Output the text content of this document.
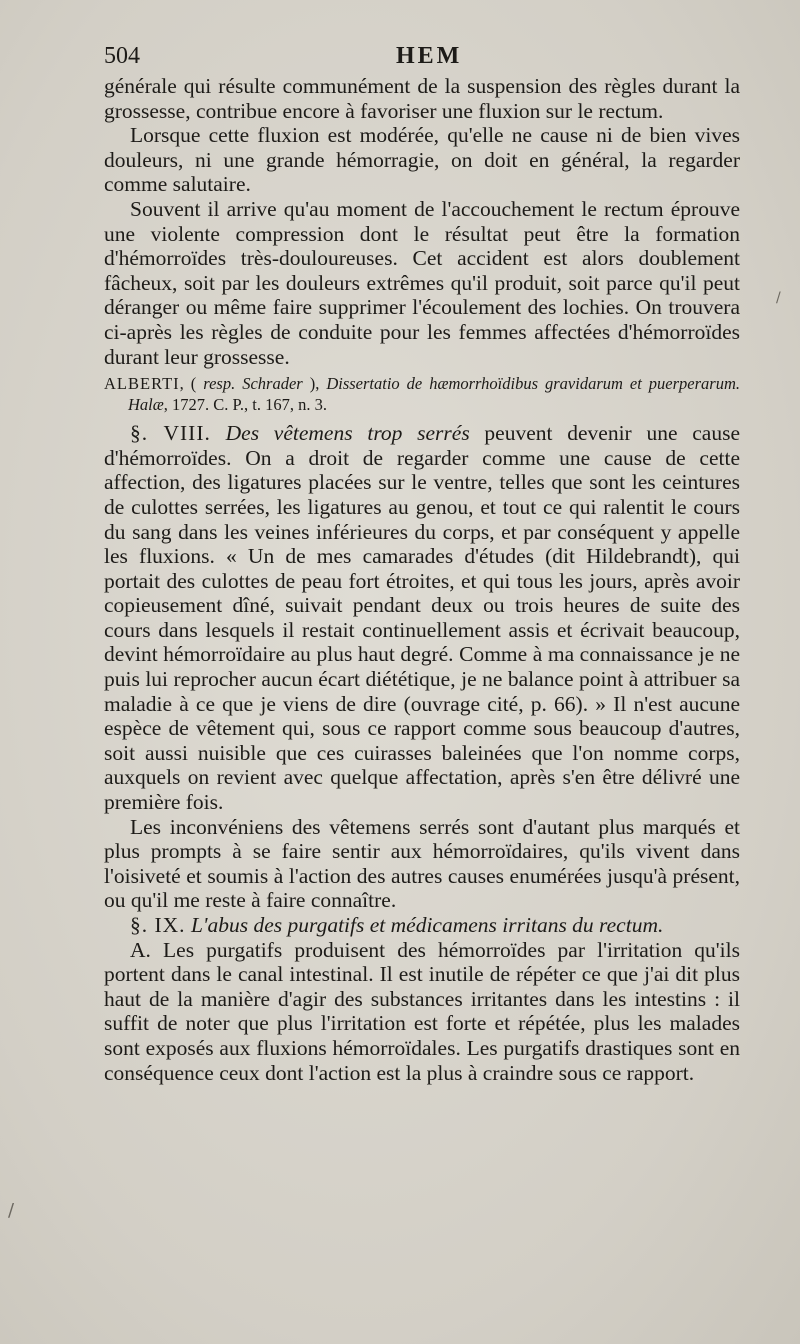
504	HEM

générale qui résulte communément de la suspension des règles durant la grossesse, contribue encore à favoriser une fluxion sur le rectum.

Lorsque cette fluxion est modérée, qu'elle ne cause ni de bien vives douleurs, ni une grande hémorragie, on doit en général, la regarder comme salutaire.

Souvent il arrive qu'au moment de l'accouchement le rectum éprouve une violente compression dont le résultat peut être la formation d'hémorroïdes très-douloureuses. Cet accident est alors doublement fâcheux, soit par les douleurs extrêmes qu'il produit, soit parce qu'il peut déranger ou même faire supprimer l'écoulement des lochies. On trouvera ci-après les règles de conduite pour les femmes affectées d'hémorroïdes durant leur grossesse.

ALBERTI, ( resp. Schrader ), Dissertatio de hæmorrhoïdibus gravidarum et puerperarum. Halæ, 1727. C. P., t. 167, n. 3.

§. VIII. Des vêtemens trop serrés peuvent devenir une cause d'hémorroïdes. On a droit de regarder comme une cause de cette affection, des ligatures placées sur le ventre, telles que sont les ceintures de culottes serrées, les ligatures au genou, et tout ce qui ralentit le cours du sang dans les veines inférieures du corps, et par conséquent y appelle les fluxions. « Un de mes camarades d'études (dit Hildebrandt), qui portait des culottes de peau fort étroites, et qui tous les jours, après avoir copieusement dîné, suivait pendant deux ou trois heures de suite des cours dans lesquels il restait continuellement assis et écrivait beaucoup, devint hémorroïdaire au plus haut degré. Comme à ma connaissance je ne puis lui reprocher aucun écart diététique, je ne balance point à attribuer sa maladie à ce que je viens de dire (ouvrage cité, p. 66). » Il n'est aucune espèce de vêtement qui, sous ce rapport comme sous beaucoup d'autres, soit aussi nuisible que ces cuirasses baleinées que l'on nomme corps, auxquels on revient avec quelque affectation, après s'en être délivré une première fois.

Les inconvéniens des vêtemens serrés sont d'autant plus marqués et plus prompts à se faire sentir aux hémorroïdaires, qu'ils vivent dans l'oisiveté et soumis à l'action des autres causes enumérées jusqu'à présent, ou qu'il me reste à faire connaître.

§. IX. L'abus des purgatifs et médicamens irritans du rectum.

A. Les purgatifs produisent des hémorroïdes par l'irritation qu'ils portent dans le canal intestinal. Il est inutile de répéter ce que j'ai dit plus haut de la manière d'agir des substances irritantes dans les intestins : il suffit de noter que plus l'irritation est forte et répétée, plus les malades sont exposés aux fluxions hémorroïdales. Les purgatifs drastiques sont en conséquence ceux dont l'action est la plus à craindre sous ce rapport.

/
/
